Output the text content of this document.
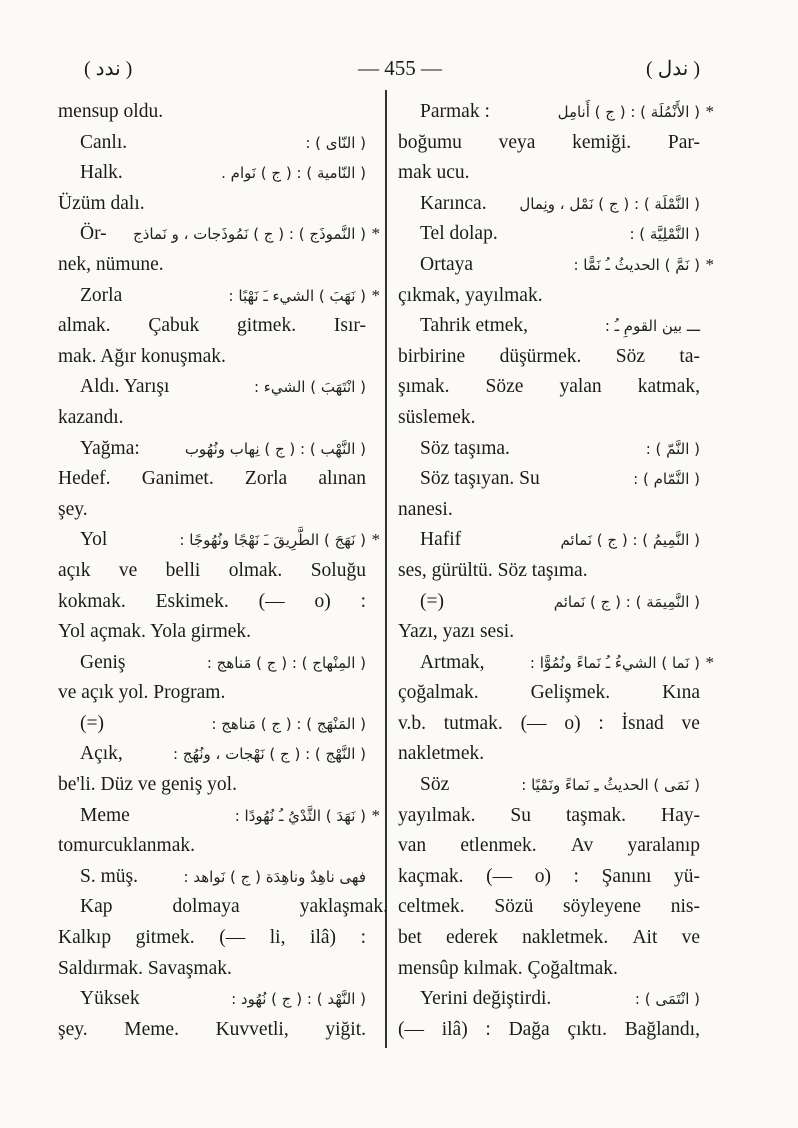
( ندد )	— 455 —	( ندل )
mensup oldu.
Canlı.	( النّاى ) :
Halk.	( النّامية ) : ( ج ) نَوام .
Üzüm dalı.
Ör- ( النَّموذَج ) : ( ج ) نَمُوذَجات ، و نَماذج *
nek, nümune.
Zorla	( نَهَبَ ) الشيء ـَ نَهْبًا : *
almak. Çabuk gitmek. Isır-
mak. Ağır konuşmak.
Aldı. Yarışı	( انْتَهَبَ ) الشيء :
kazandı.
Yağma:	( النَّهْب ) : ( ج ) نِهاب ونُهُوب
Hedef. Ganimet. Zorla alınan
şey.
Yol	( نَهَجَ ) الطَّرِيقَ ـَ نَهْجًا ونُهُوجًا : *
açık ve belli olmak. Soluğu
kokmak. Eskimek. (— o) :
Yol açmak. Yola girmek.
Geniş	( المِنْهاج ) : ( ج ) مَناهج :
ve açık yol. Program.
(=)	( المَنْهَج ) : ( ج ) مَناهج :
Açık,	( النَّهْج ) : ( ج ) نَهْجات ، ونُهُج :
be'li. Düz ve geniş yol.
Meme	( نَهَدَ ) الثَّدْيُ ـُ نُهُودًا : *
tomurcuklanmak.
S. müş.	فهى ناهِدٌ وناهِدَة ( ج ) نَواهد :
Kap	dolmaya	yaklaşmak.
Kalkıp gitmek. (— li, ilâ) :
Saldırmak. Savaşmak.
Yüksek	( النَّهْد ) : ( ج ) نُهُود :
şey. Meme. Kuvvetli, yiğit.
Parmak :	( الأَنْمُلَة ) : ( ج ) أَنامِل *
boğumu veya kemiği. Par-
mak ucu.
Karınca. ( النَّمْلَة ) : ( ج ) نَمْل ، ونِمال
Tel dolap.	( النَّمْلِيَّة ) :
Ortaya	( نَمَّ ) الحديثُ ـُ نَمًّا : *
çıkmak, yayılmak.
Tahrik etmek,	ـــ بين القومِ ـُ :
birbirine düşürmek. Söz ta-
şımak. Söze yalan katmak,
süslemek.
Söz taşıma.	( النَّمّ ) :
Söz taşıyan. Su	( النَّمّام ) :
nanesi.
Hafif	( النَّمِيمُ ) : ( ج ) نَمائم
ses, gürültü. Söz taşıma.
(=)	( النَّمِيمَة ) : ( ج ) نَمائم
Yazı, yazı sesi.
Artmak,	( نَما ) الشيءُ ـُ نَماءً ونُمُوًّا : *
çoğalmak.	Gelişmek.	Kına
v.b. tutmak. (— o) : İsnad ve
nakletmek.
Söz	( نَمَى ) الحديثُ ـِ نَماءً ونَمْيًا :
yayılmak. Su taşmak. Hay-
van etlenmek. Av yaralanıp
kaçmak. (— o) : Şanını yü-
celtmek. Sözü söyleyene nis-
bet ederek nakletmek. Ait ve
mensûp kılmak. Çoğaltmak.
Yerini değiştirdi.	( انْتَمَى ) :
(— ilâ) : Dağa çıktı. Bağlandı,
